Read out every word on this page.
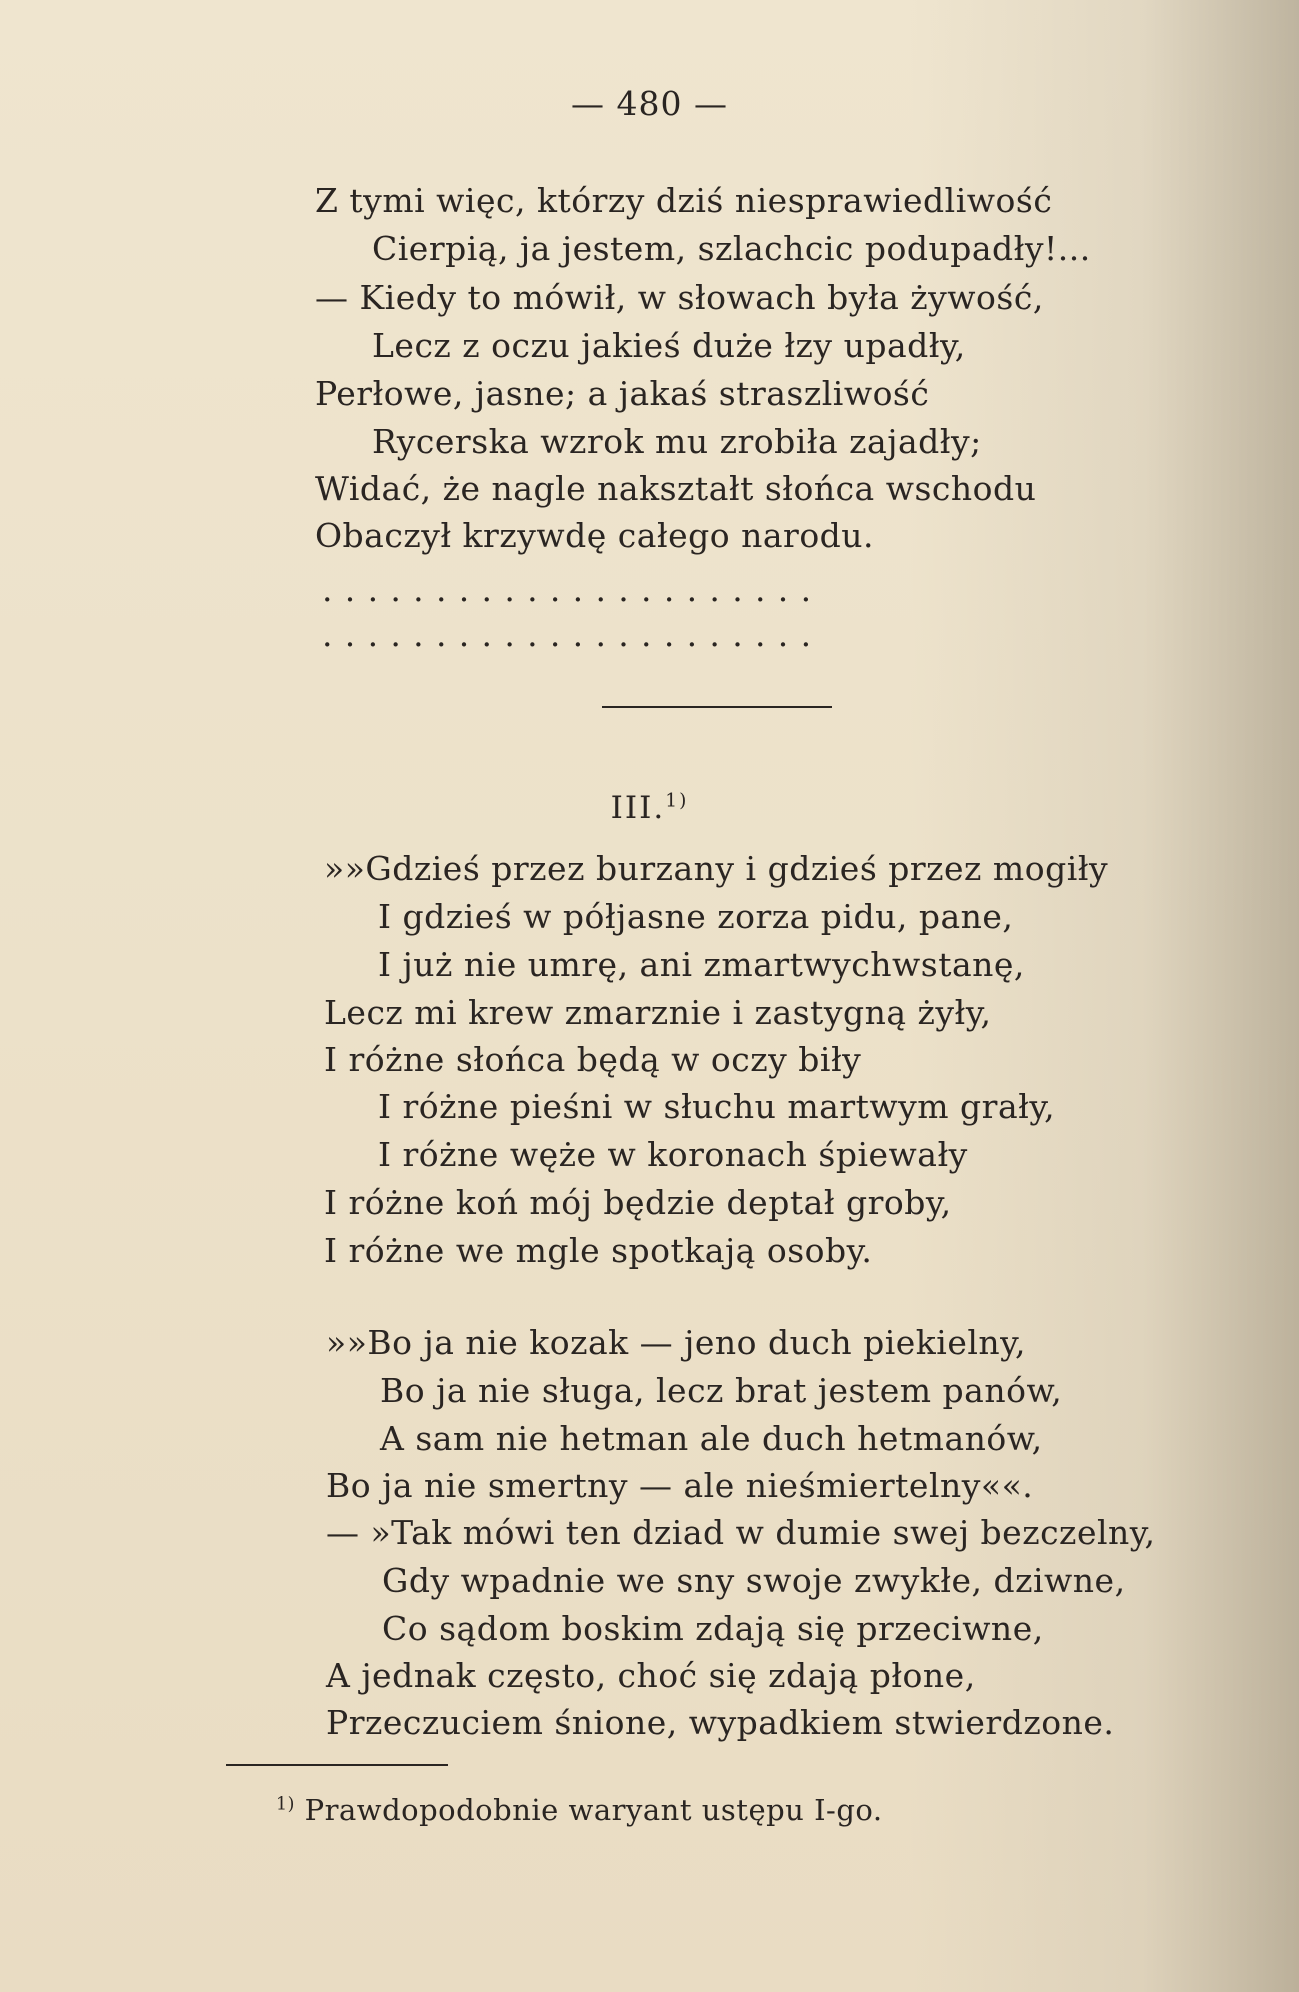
— 480 —
Z tymi więc, którzy dziś niesprawiedliwość
Cierpią, ja jestem, szlachcic podupadły!...
— Kiedy to mówił, w słowach była żywość,
Lecz z oczu jakieś duże łzy upadły,
Perłowe, jasne; a jakaś straszliwość
Rycerska wzrok mu zrobiła zajadły;
Widać, że nagle nakształt słońca wschodu
Obaczył krzywdę całego narodu.
......................
......................
III.$^{1)}$
»»Gdzieś przez burzany i gdzieś przez mogiły
I gdzieś w półjasne zorza pidu, pane,
I już nie umrę, ani zmartwychwstanę,
Lecz mi krew zmarznie i zastygną żyły,
I różne słońca będą w oczy biły
I różne pieśni w słuchu martwym grały,
I różne węże w koronach śpiewały
I różne koń mój będzie deptał groby,
I różne we mgle spotkają osoby.
»»Bo ja nie kozak — jeno duch piekielny,
Bo ja nie sługa, lecz brat jestem panów,
A sam nie hetman ale duch hetmanów,
Bo ja nie smertny — ale nieśmiertelny««.
— »Tak mówi ten dziad w dumie swej bezczelny,
Gdy wpadnie we sny swoje zwykłe, dziwne,
Co sądom boskim zdają się przeciwne,
A jednak często, choć się zdają płone,
Przeczuciem śnione, wypadkiem stwierdzone.
$^{1)}$ Prawdopodobnie waryant ustępu I-go.
